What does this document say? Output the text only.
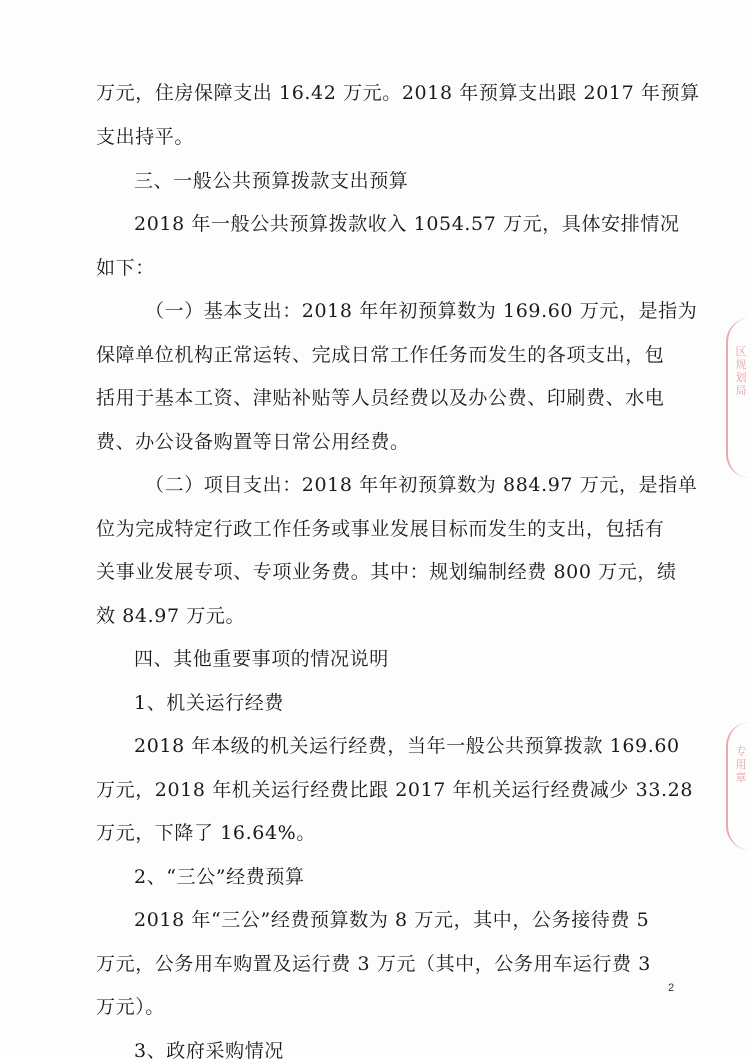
万元，住房保障支出 16.42 万元。2018 年预算支出跟 2017 年预算
支出持平。
三、一般公共预算拨款支出预算
2018 年一般公共预算拨款收入 1054.57 万元，具体安排情况
如下：
（一）基本支出：2018 年年初预算数为 169.60 万元，是指为
保障单位机构正常运转、完成日常工作任务而发生的各项支出，包
括用于基本工资、津贴补贴等人员经费以及办公费、印刷费、水电
费、办公设备购置等日常公用经费。
（二）项目支出：2018 年年初预算数为 884.97 万元，是指单
位为完成特定行政工作任务或事业发展目标而发生的支出，包括有
关事业发展专项、专项业务费。其中：规划编制经费 800 万元，绩
效 84.97 万元。
四、其他重要事项的情况说明
1、机关运行经费
2018 年本级的机关运行经费，当年一般公共预算拨款 169.60
万元，2018 年机关运行经费比跟 2017 年机关运行经费减少 33.28
万元，下降了 16.64%。
2、“三公”经费预算
2018 年“三公”经费预算数为 8 万元，其中，公务接待费 5
万元，公务用车购置及运行费 3 万元（其中，公务用车运行费 3
万元）。
3、政府采购情况
2
区
规
划
局
专
用
章
